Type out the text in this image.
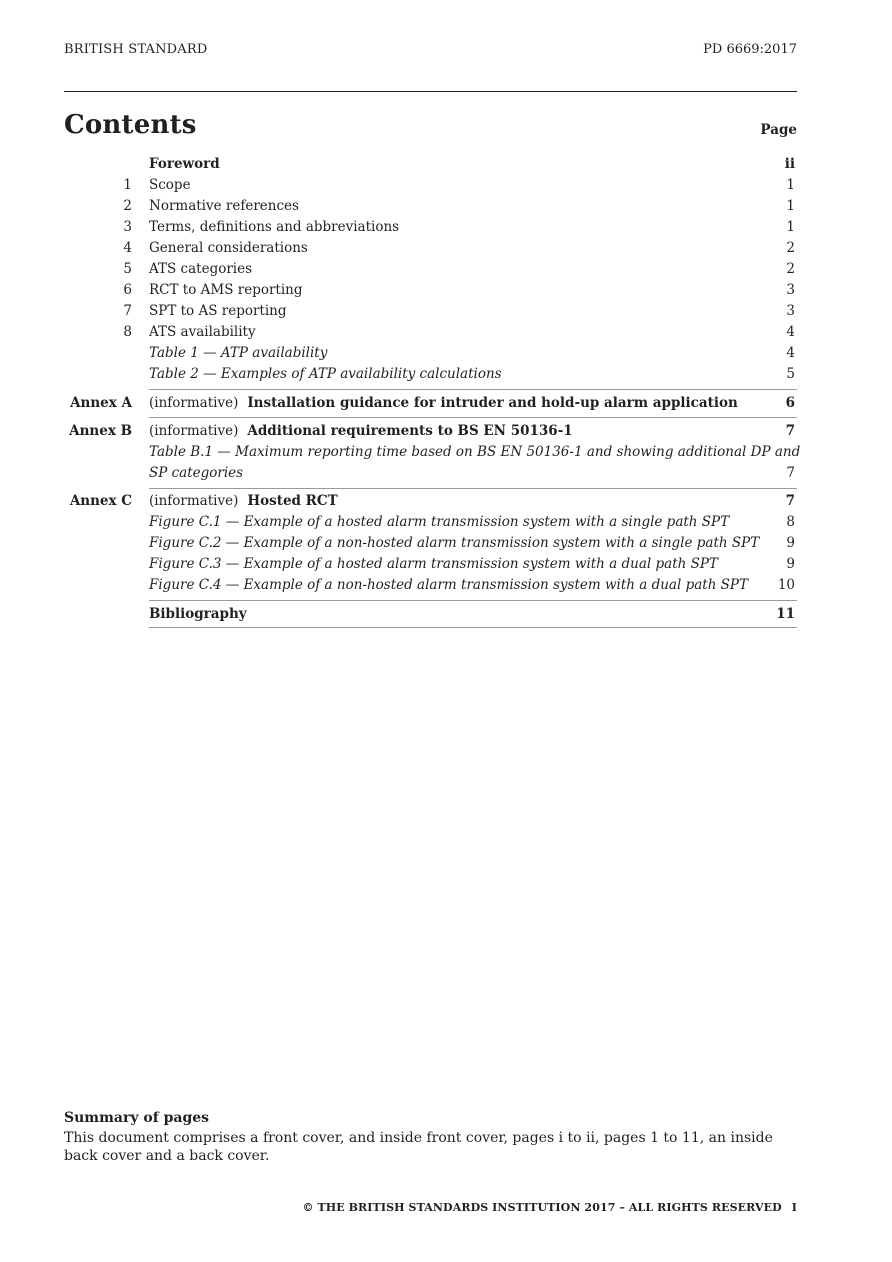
BRITISH STANDARD	PD 6669:2017
Contents	Page
Foreword	ii
1 Scope	1
2 Normative references	1
3 Terms, definitions and abbreviations	1
4 General considerations	2
5 ATS categories	2
6 RCT to AMS reporting	3
7 SPT to AS reporting	3
8 ATS availability	4
Table 1 — ATP availability	4
Table 2 — Examples of ATP availability calculations	5
Annex A (informative) Installation guidance for intruder and hold-up alarm application	6
Annex B (informative) Additional requirements to BS EN 50136-1	7
Table B.1 — Maximum reporting time based on BS EN 50136-1 and showing additional DP and
SP categories	7
Annex C (informative) Hosted RCT	7
Figure C.1 — Example of a hosted alarm transmission system with a single path SPT	8
Figure C.2 — Example of a non-hosted alarm transmission system with a single path SPT 9
Figure C.3 — Example of a hosted alarm transmission system with a dual path SPT	9
Figure C.4 — Example of a non-hosted alarm transmission system with a dual path SPT 10
Bibliography	11
Summary of pages
This document comprises a front cover, and inside front cover, pages i to ii, pages 1 to 11, an inside back cover and a back cover.
© THE BRITISH STANDARDS INSTITUTION 2017 – ALL RIGHTS RESERVED I
